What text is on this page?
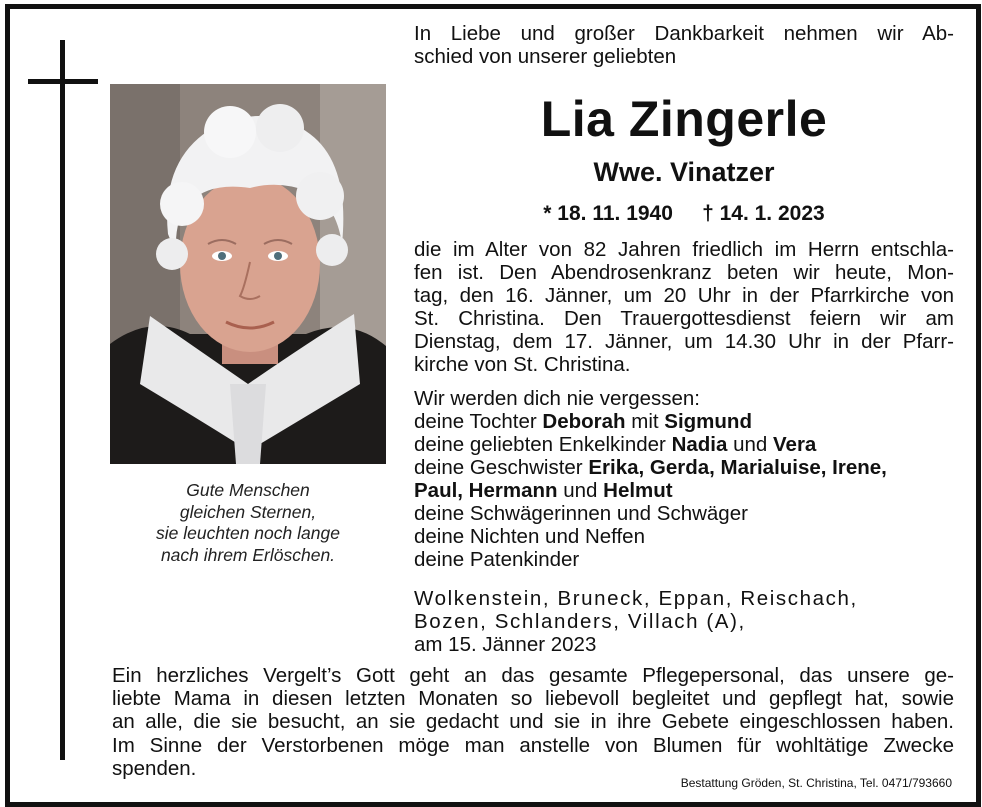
Gute Menschen
gleichen Sternen,
sie leuchten noch lange
nach ihrem Erlöschen.
In Liebe und großer Dankbarkeit nehmen wir Ab-
schied von unserer geliebten
Lia Zingerle
Wwe. Vinatzer
* 18. 11. 1940     † 14. 1. 2023
die im Alter von 82 Jahren friedlich im Herrn entschla-
fen ist. Den Abendrosenkranz beten wir heute, Mon-
tag, den 16. Jänner, um 20 Uhr in der Pfarrkirche von
St. Christina. Den Trauergottesdienst feiern wir am
Dienstag, dem 17. Jänner, um 14.30 Uhr in der Pfarr-
kirche von St. Christina.
Wir werden dich nie vergessen:
deine Tochter Deborah mit Sigmund
deine geliebten Enkelkinder Nadia und Vera
deine Geschwister Erika, Gerda, Marialuise, Irene,
Paul, Hermann und Helmut
deine Schwägerinnen und Schwäger
deine Nichten und Neffen
deine Patenkinder
Wolkenstein, Bruneck, Eppan, Reischach,
Bozen, Schlanders, Villach (A),
am 15. Jänner 2023
Ein herzliches Vergelt’s Gott geht an das gesamte Pflegepersonal, das unsere ge-
liebte Mama in diesen letzten Monaten so liebevoll begleitet und gepflegt hat, sowie
an alle, die sie besucht, an sie gedacht und sie in ihre Gebete eingeschlossen haben.
Im Sinne der Verstorbenen möge man anstelle von Blumen für wohltätige Zwecke
spenden.
Bestattung Gröden, St. Christina, Tel. 0471/793660
